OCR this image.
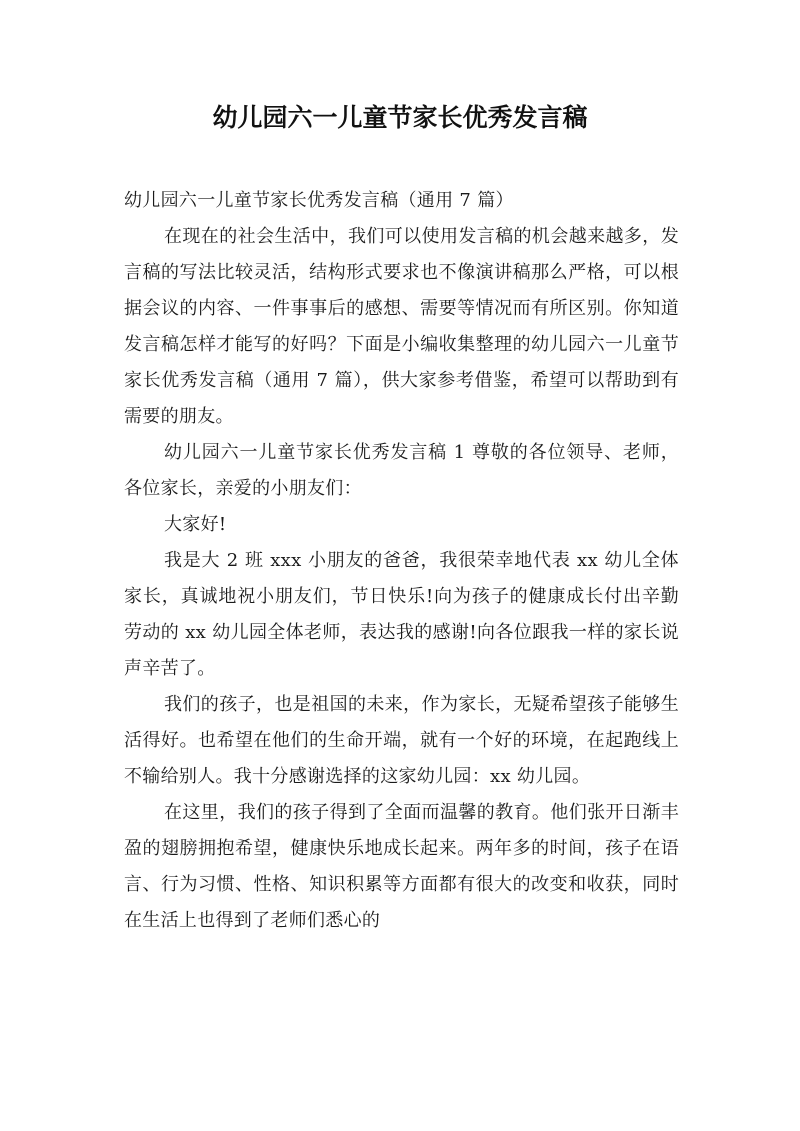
幼儿园六一儿童节家长优秀发言稿

幼儿园六一儿童节家长优秀发言稿（通用 7 篇）

在现在的社会生活中，我们可以使用发言稿的机会越来越多，发言稿的写法比较灵活，结构形式要求也不像演讲稿那么严格，可以根据会议的内容、一件事事后的感想、需要等情况而有所区别。你知道发言稿怎样才能写的好吗？下面是小编收集整理的幼儿园六一儿童节家长优秀发言稿（通用 7 篇），供大家参考借鉴，希望可以帮助到有需要的朋友。

幼儿园六一儿童节家长优秀发言稿 1 尊敬的各位领导、老师，各位家长，亲爱的小朋友们：

大家好!

我是大 2 班 xxx 小朋友的爸爸，我很荣幸地代表 xx 幼儿全体家长，真诚地祝小朋友们，节日快乐!向为孩子的健康成长付出辛勤劳动的 xx 幼儿园全体老师，表达我的感谢!向各位跟我一样的家长说声辛苦了。

我们的孩子，也是祖国的未来，作为家长，无疑希望孩子能够生活得好。也希望在他们的生命开端，就有一个好的环境，在起跑线上不输给别人。我十分感谢选择的这家幼儿园：xx 幼儿园。

在这里，我们的孩子得到了全面而温馨的教育。他们张开日渐丰盈的翅膀拥抱希望，健康快乐地成长起来。两年多的时间，孩子在语言、行为习惯、性格、知识积累等方面都有很大的改变和收获，同时在生活上也得到了老师们悉心的
